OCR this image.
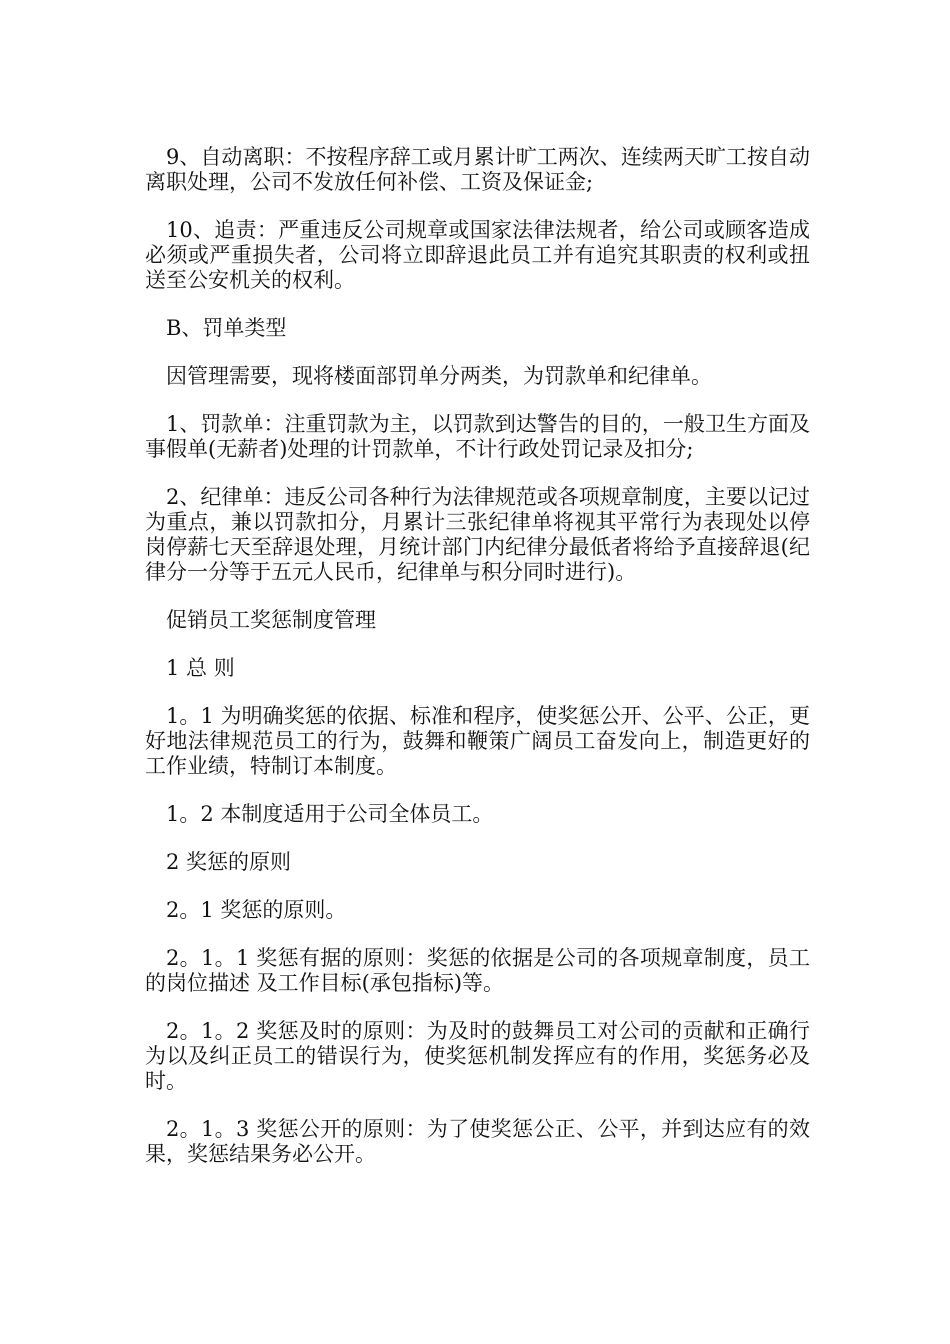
9、自动离职：不按程序辞工或月累计旷工两次、连续两天旷工按自动离职处理，公司不发放任何补偿、工资及保证金;

10、追责：严重违反公司规章或国家法律法规者，给公司或顾客造成必须或严重损失者，公司将立即辞退此员工并有追究其职责的权利或扭送至公安机关的权利。

B、罚单类型

因管理需要，现将楼面部罚单分两类，为罚款单和纪律单。

1、罚款单：注重罚款为主，以罚款到达警告的目的，一般卫生方面及事假单(无薪者)处理的计罚款单，不计行政处罚记录及扣分;

2、纪律单：违反公司各种行为法律规范或各项规章制度，主要以记过为重点，兼以罚款扣分，月累计三张纪律单将视其平常行为表现处以停岗停薪七天至辞退处理，月统计部门内纪律分最低者将给予直接辞退(纪律分一分等于五元人民币，纪律单与积分同时进行)。

促销员工奖惩制度管理

1 总 则

1。1 为明确奖惩的依据、标准和程序，使奖惩公开、公平、公正，更好地法律规范员工的行为，鼓舞和鞭策广阔员工奋发向上，制造更好的工作业绩，特制订本制度。

1。2 本制度适用于公司全体员工。

2 奖惩的原则

2。1 奖惩的原则。

2。1。1 奖惩有据的原则：奖惩的依据是公司的各项规章制度，员工的岗位描述 及工作目标(承包指标)等。

2。1。2 奖惩及时的原则：为及时的鼓舞员工对公司的贡献和正确行为以及纠正员工的错误行为，使奖惩机制发挥应有的作用，奖惩务必及时。

2。1。3 奖惩公开的原则：为了使奖惩公正、公平，并到达应有的效果，奖惩结果务必公开。
